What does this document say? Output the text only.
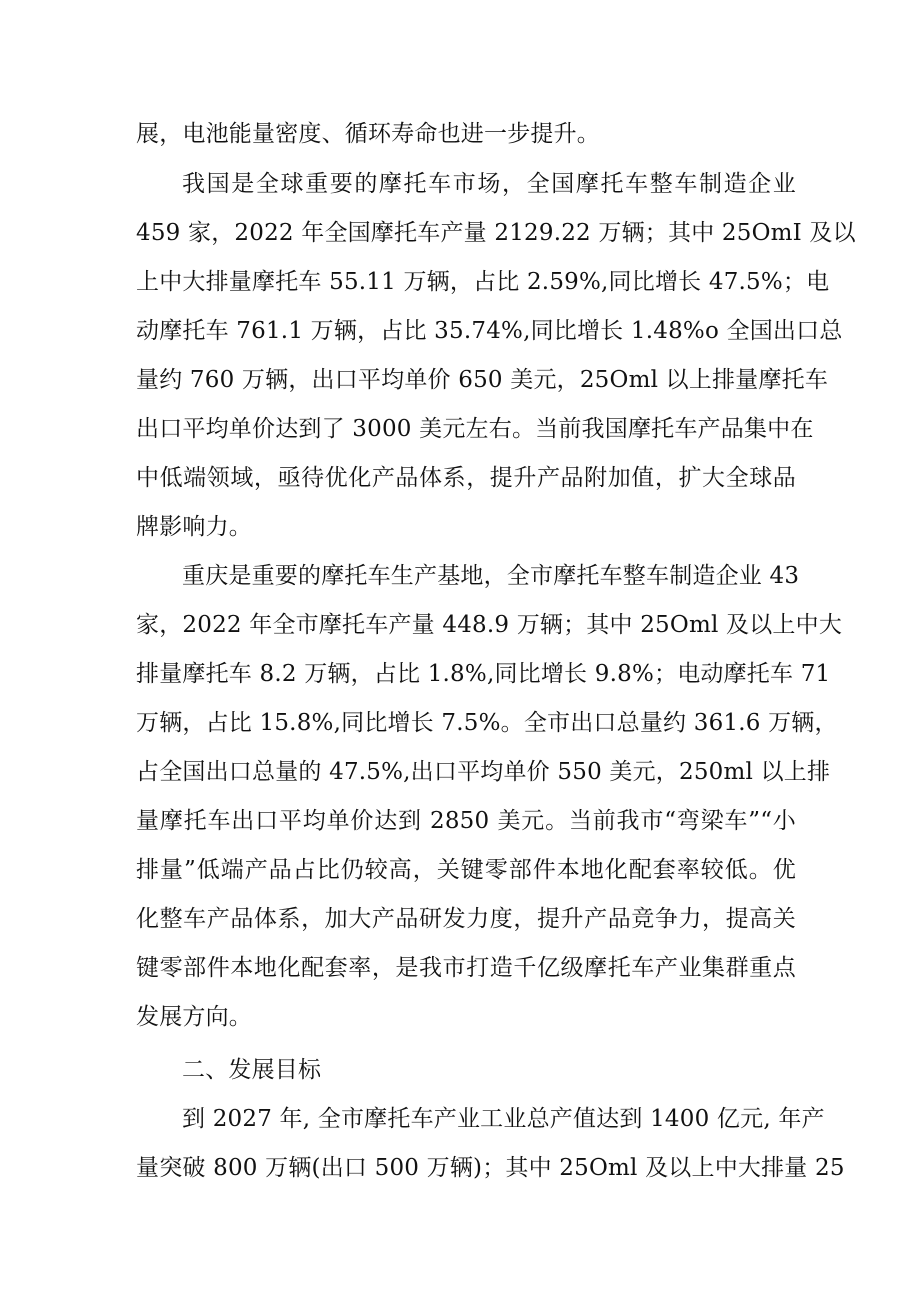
展，电池能量密度、循环寿命也进一步提升。
我国是全球重要的摩托车市场，全国摩托车整车制造企业
459 家，2022 年全国摩托车产量 2129.22 万辆；其中 25OmI 及以
上中大排量摩托车 55.11 万辆，占比 2.59%,同比增长 47.5%；电
动摩托车 761.1 万辆，占比 35.74%,同比增长 1.48%o 全国出口总
量约 760 万辆，出口平均单价 650 美元，25Oml 以上排量摩托车
出口平均单价达到了 3000 美元左右。当前我国摩托车产品集中在
中低端领域，亟待优化产品体系，提升产品附加值，扩大全球品
牌影响力。
重庆是重要的摩托车生产基地，全市摩托车整车制造企业 43
家，2022 年全市摩托车产量 448.9 万辆；其中 25Oml 及以上中大
排量摩托车 8.2 万辆，占比 1.8%,同比增长 9.8%；电动摩托车 71
万辆，占比 15.8%,同比增长 7.5%。全市出口总量约 361.6 万辆，
占全国出口总量的 47.5%,出口平均单价 550 美元，250ml 以上排
量摩托车出口平均单价达到 2850 美元。当前我市“弯梁车”“小
排量”低端产品占比仍较高，关键零部件本地化配套率较低。优
化整车产品体系，加大产品研发力度，提升产品竞争力，提高关
键零部件本地化配套率，是我市打造千亿级摩托车产业集群重点
发展方向。
二、发展目标
到 2027 年, 全市摩托车产业工业总产值达到 1400 亿元, 年产
量突破 800 万辆(出口 500 万辆)；其中 25Oml 及以上中大排量 25
